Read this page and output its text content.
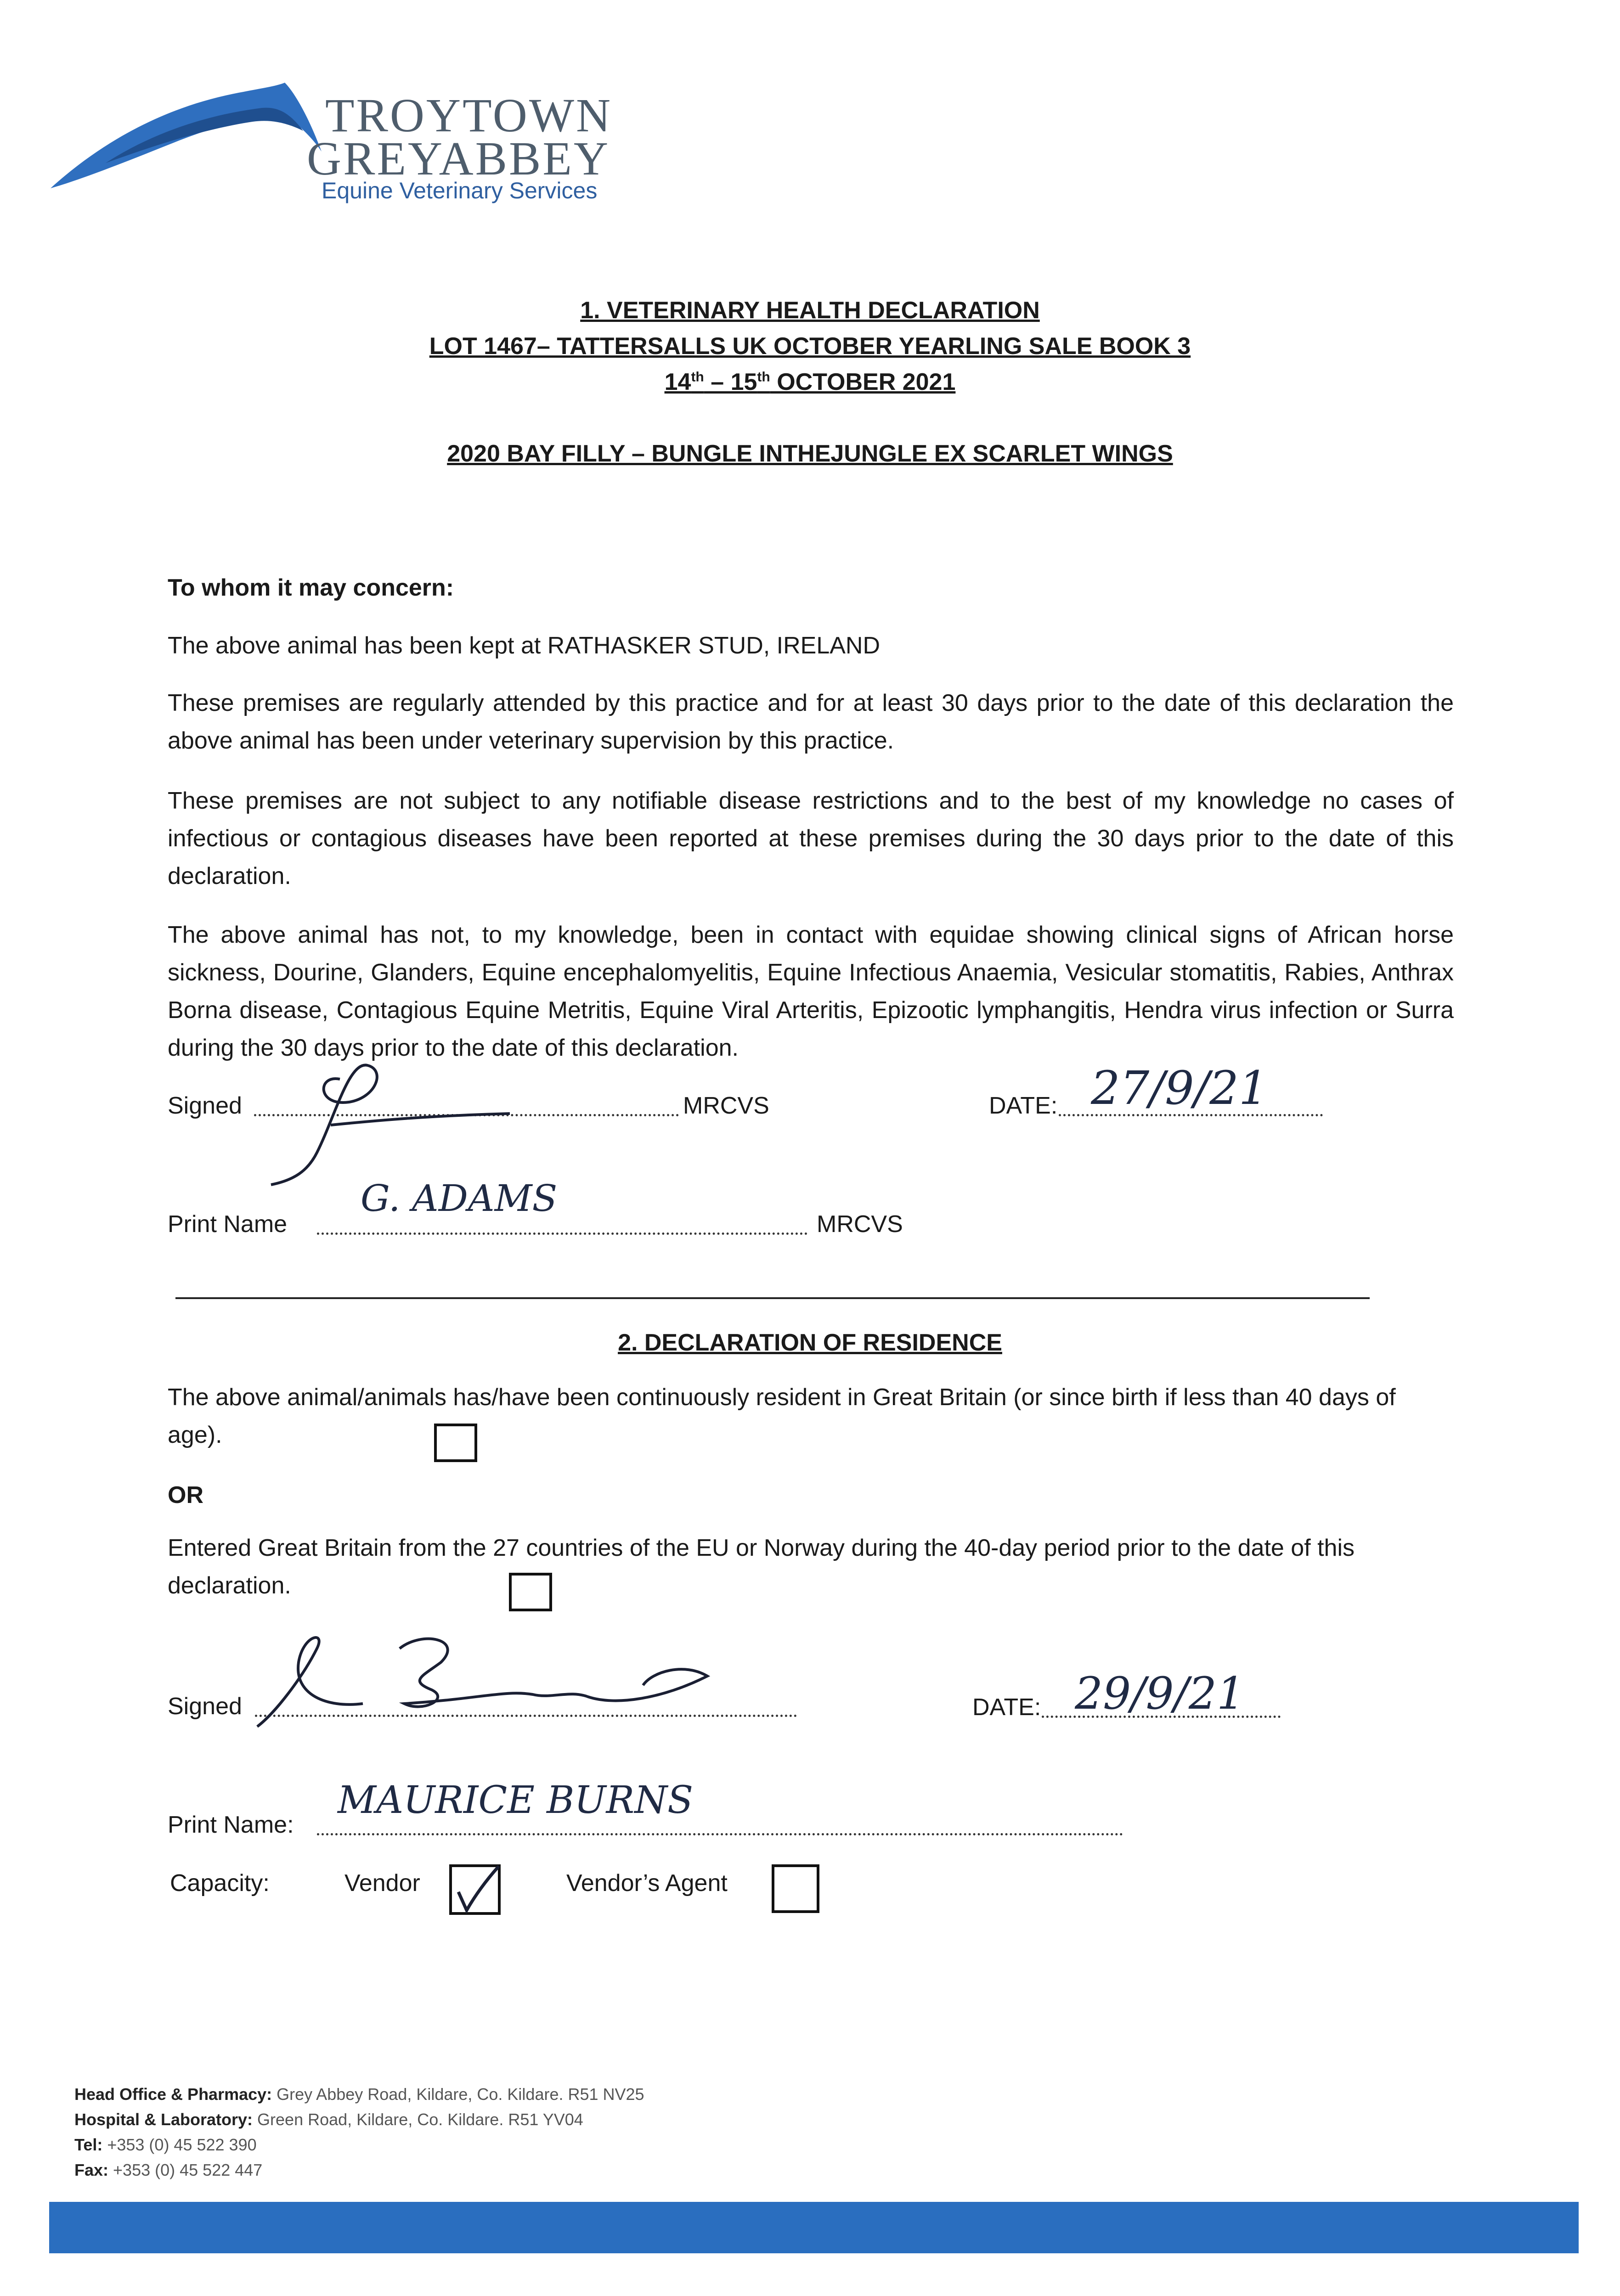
TROYTOWN
GREYABBEY
Equine Veterinary Services
1. VETERINARY HEALTH DECLARATION
LOT 1467– TATTERSALLS UK OCTOBER YEARLING SALE BOOK 3
14th – 15th OCTOBER 2021
2020 BAY FILLY – BUNGLE INTHEJUNGLE EX SCARLET WINGS
To whom it may concern:
The above animal has been kept at RATHASKER STUD, IRELAND

These premises are regularly attended by this practice and for at least 30 days prior to the date of this declaration the above animal has been under veterinary supervision by this practice.

These premises are not subject to any notifiable disease restrictions and to the best of my knowledge no cases of infectious or contagious diseases have been reported at these premises during the 30 days prior to the date of this declaration.

The above animal has not, to my knowledge, been in contact with equidae showing clinical signs of African horse sickness, Dourine, Glanders, Equine encephalomyelitis, Equine Infectious Anaemia, Vesicular stomatitis, Rabies, Anthrax Borna disease, Contagious Equine Metritis, Equine Viral Arteritis, Epizootic lymphangitis, Hendra virus infection or Surra during the 30 days prior to the date of this declaration.

Signed	MRCVS	DATE: 27/9/21
Print Name
G. ADAMS
MRCVS
2. DECLARATION OF RESIDENCE

The above animal/animals has/have been continuously resident in Great Britain (or since birth if less than 40 days of age).

OR

Entered Great Britain from the 27 countries of the EU or Norway during the 40-day period prior to the date of this declaration.

Signed	DATE: 29/9/21
Print Name:
MAURICE BURNS
Capacity:	Vendor	Vendor’s Agent
Head Office & Pharmacy: Grey Abbey Road, Kildare, Co. Kildare. R51 NV25
Hospital & Laboratory: Green Road, Kildare, Co. Kildare. R51 YV04
Tel: +353 (0) 45 522 390
Fax: +353 (0) 45 522 447
